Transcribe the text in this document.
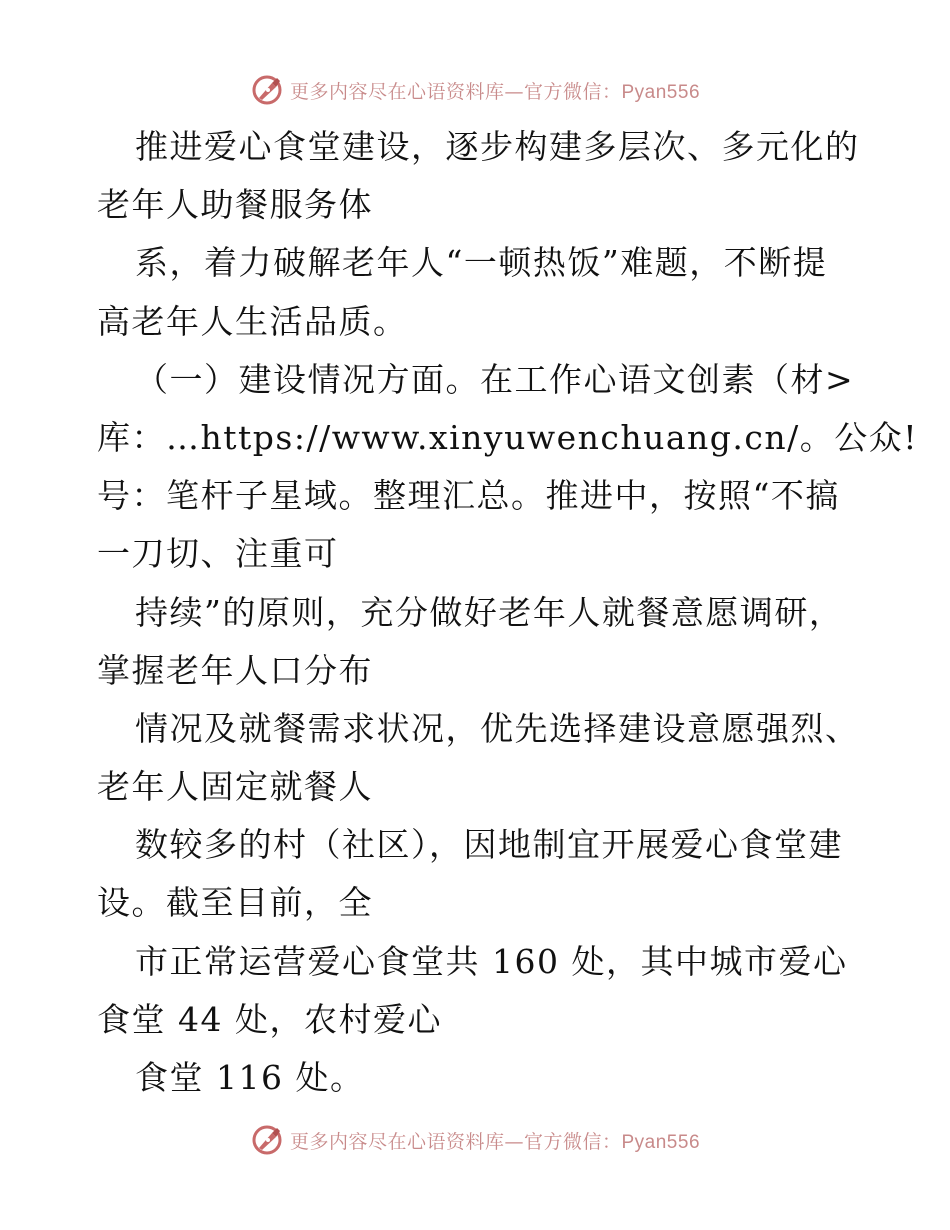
更多内容尽在心语资料库—官方微信：Pyan556
推进爱心食堂建设，逐步构建多层次、多元化的
老年人助餐服务体
系，着力破解老年人“一顿热饭”难题，不断提
高老年人生活品质。
（一）建设情况方面。在工作心语文创素（材>
库：…https://www.xinyuwenchuang.cn/。公众!
号：笔杆子星域。整理汇总。推进中，按照“不搞
一刀切、注重可
持续”的原则，充分做好老年人就餐意愿调研，
掌握老年人口分布
情况及就餐需求状况，优先选择建设意愿强烈、
老年人固定就餐人
数较多的村（社区），因地制宜开展爱心食堂建
设。截至目前，全
市正常运营爱心食堂共 160 处，其中城市爱心
食堂 44 处，农村爱心
食堂 116 处。
更多内容尽在心语资料库—官方微信：Pyan556
